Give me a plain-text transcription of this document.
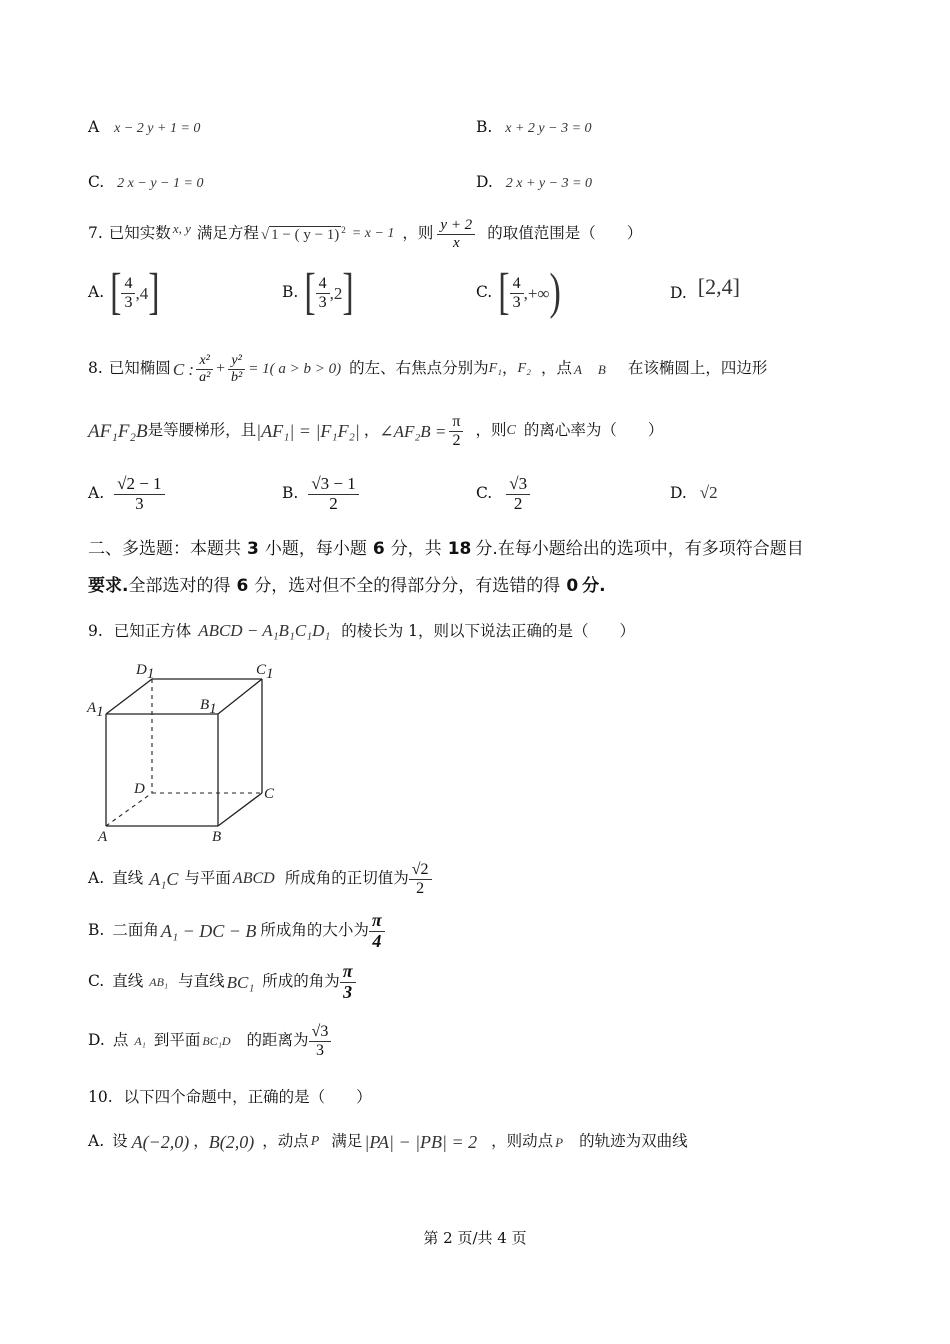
A x − 2 y + 1 = 0	B. x + 2 y − 3 = 0
C. 2 x − y − 1 = 0	D. 2 x + y − 3 = 0
7. 已知实数 x, y 满足方程 √ 1 − ( y − 1) $^2$ = x − 1 ，则 $\frac{y + 2}{x}$ 的取值范围是（　　）
A. [ $\frac{4}{3} ,4$ ]	B. [ $\frac{4}{3} ,2$ ]	C. [ $\frac{4}{3}$ ,+∞ )	D. [2,4]
8. 已知椭圆 C : $\frac{\text{x²}}{\text{a²}} + \frac{\text{y²}}{\text{b²}} = 1$( a > b > 0) 的左、右焦点分别为 F₁ ， F₂ ，点 A B 在该椭圆上，四边形
AF₁F₂B 是等腰梯形，且 |AF₁| = |F₁F₂| ， ∠AF₂B = $\frac{\pi}{2}$ ，则 C 的离心率为（　　）
A. $\frac{√2 - 1}{3}$	B. $\frac{√3 - 1}{2}$	C. $\frac{√3}{2}$	D. √2
二、多选题：本题共 3 小题，每小题 6 分，共 18 分.在每小题给出的选项中，有多项符合题目
要求.全部选对的得 6 分，选对但不全的得部分分，有选错的得 0 分.
9. 已知正方体 ABCD − A₁B₁C₁D₁ 的棱长为 1，则以下说法正确的是（　　）
D1	C1
A1	B1
D	C
A	B
A. 直线 A₁C 与平面 ABCD 所成角的正切值为 $\frac{√2}{2}$
B. 二面角 A₁ − DC − B 所成角的大小为 $\frac{\pi}{4}$
C. 直线 AB₁ 与直线 BC₁ 所成的角为 $\frac{\pi}{3}$
D. 点 A₁ 到平面 BC₁D 的距离为 $\frac{√3}{3}$
10. 以下四个命题中，正确的是（　　）
A. 设 A(−2,0) ， B(2,0) ，动点 P 满足 |PA| − |PB| = 2 ，则动点 P 的轨迹为双曲线
第 2 页/共 4 页
